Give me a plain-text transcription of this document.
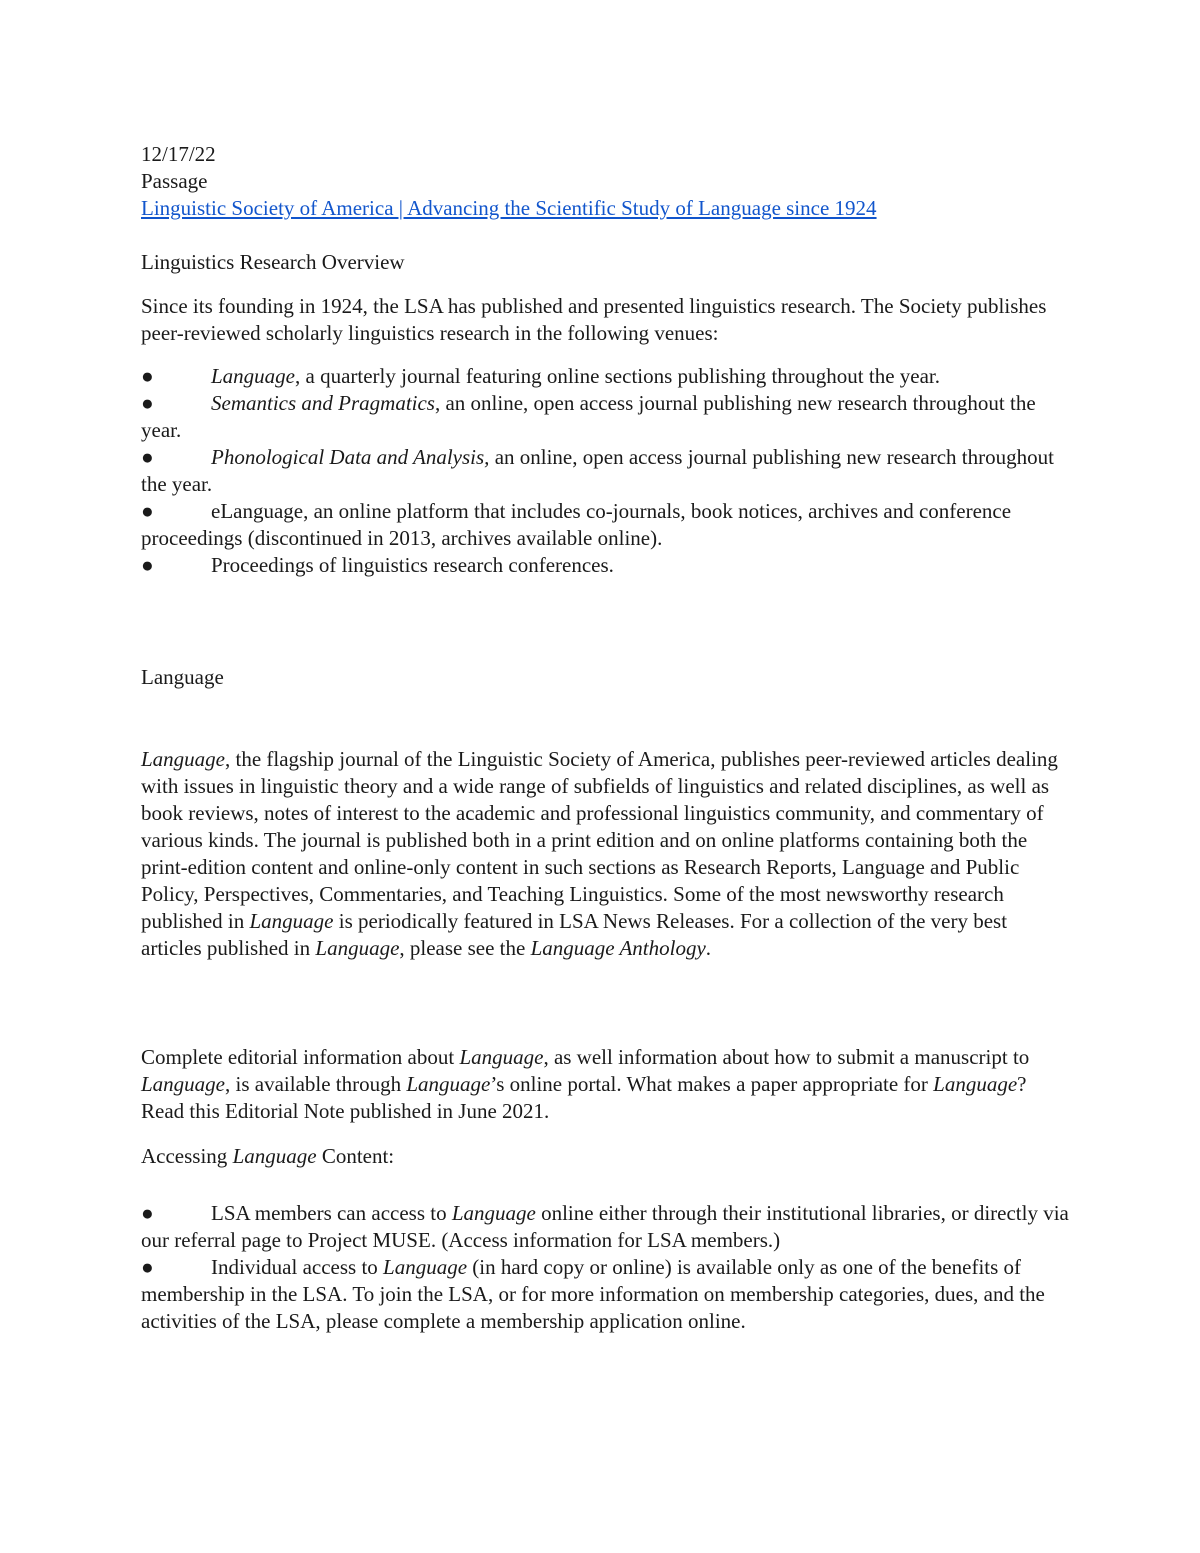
12/17/22

Passage

Linguistic Society of America | Advancing the Scientific Study of Language since 1924

Linguistics Research Overview

Since its founding in 1924, the LSA has published and presented linguistics research. The Society publishes peer-reviewed scholarly linguistics research in the following venues:

●	Language, a quarterly journal featuring online sections publishing throughout the year.

●	Semantics and Pragmatics, an online, open access journal publishing new research throughout the year.

●	Phonological Data and Analysis, an online, open access journal publishing new research throughout the year.

●	eLanguage, an online platform that includes co-journals, book notices, archives and conference proceedings (discontinued in 2013, archives available online).

●	Proceedings of linguistics research conferences.

Language

Language, the flagship journal of the Linguistic Society of America, publishes peer-reviewed articles dealing with issues in linguistic theory and a wide range of subfields of linguistics and related disciplines, as well as book reviews, notes of interest to the academic and professional linguistics community, and commentary of various kinds. The journal is published both in a print edition and on online platforms containing both the print-edition content and online-only content in such sections as Research Reports, Language and Public Policy, Perspectives, Commentaries, and Teaching Linguistics. Some of the most newsworthy research published in Language is periodically featured in LSA News Releases. For a collection of the very best articles published in Language, please see the Language Anthology.

Complete editorial information about Language, as well information about how to submit a manuscript to Language, is available through Language’s online portal. What makes a paper appropriate for Language? Read this Editorial Note published in June 2021.

Accessing Language Content:

●	LSA members can access to Language online either through their institutional libraries, or directly via our referral page to Project MUSE. (Access information for LSA members.)

●	Individual access to Language (in hard copy or online) is available only as one of the benefits of membership in the LSA. To join the LSA, or for more information on membership categories, dues, and the activities of the LSA, please complete a membership application online.
